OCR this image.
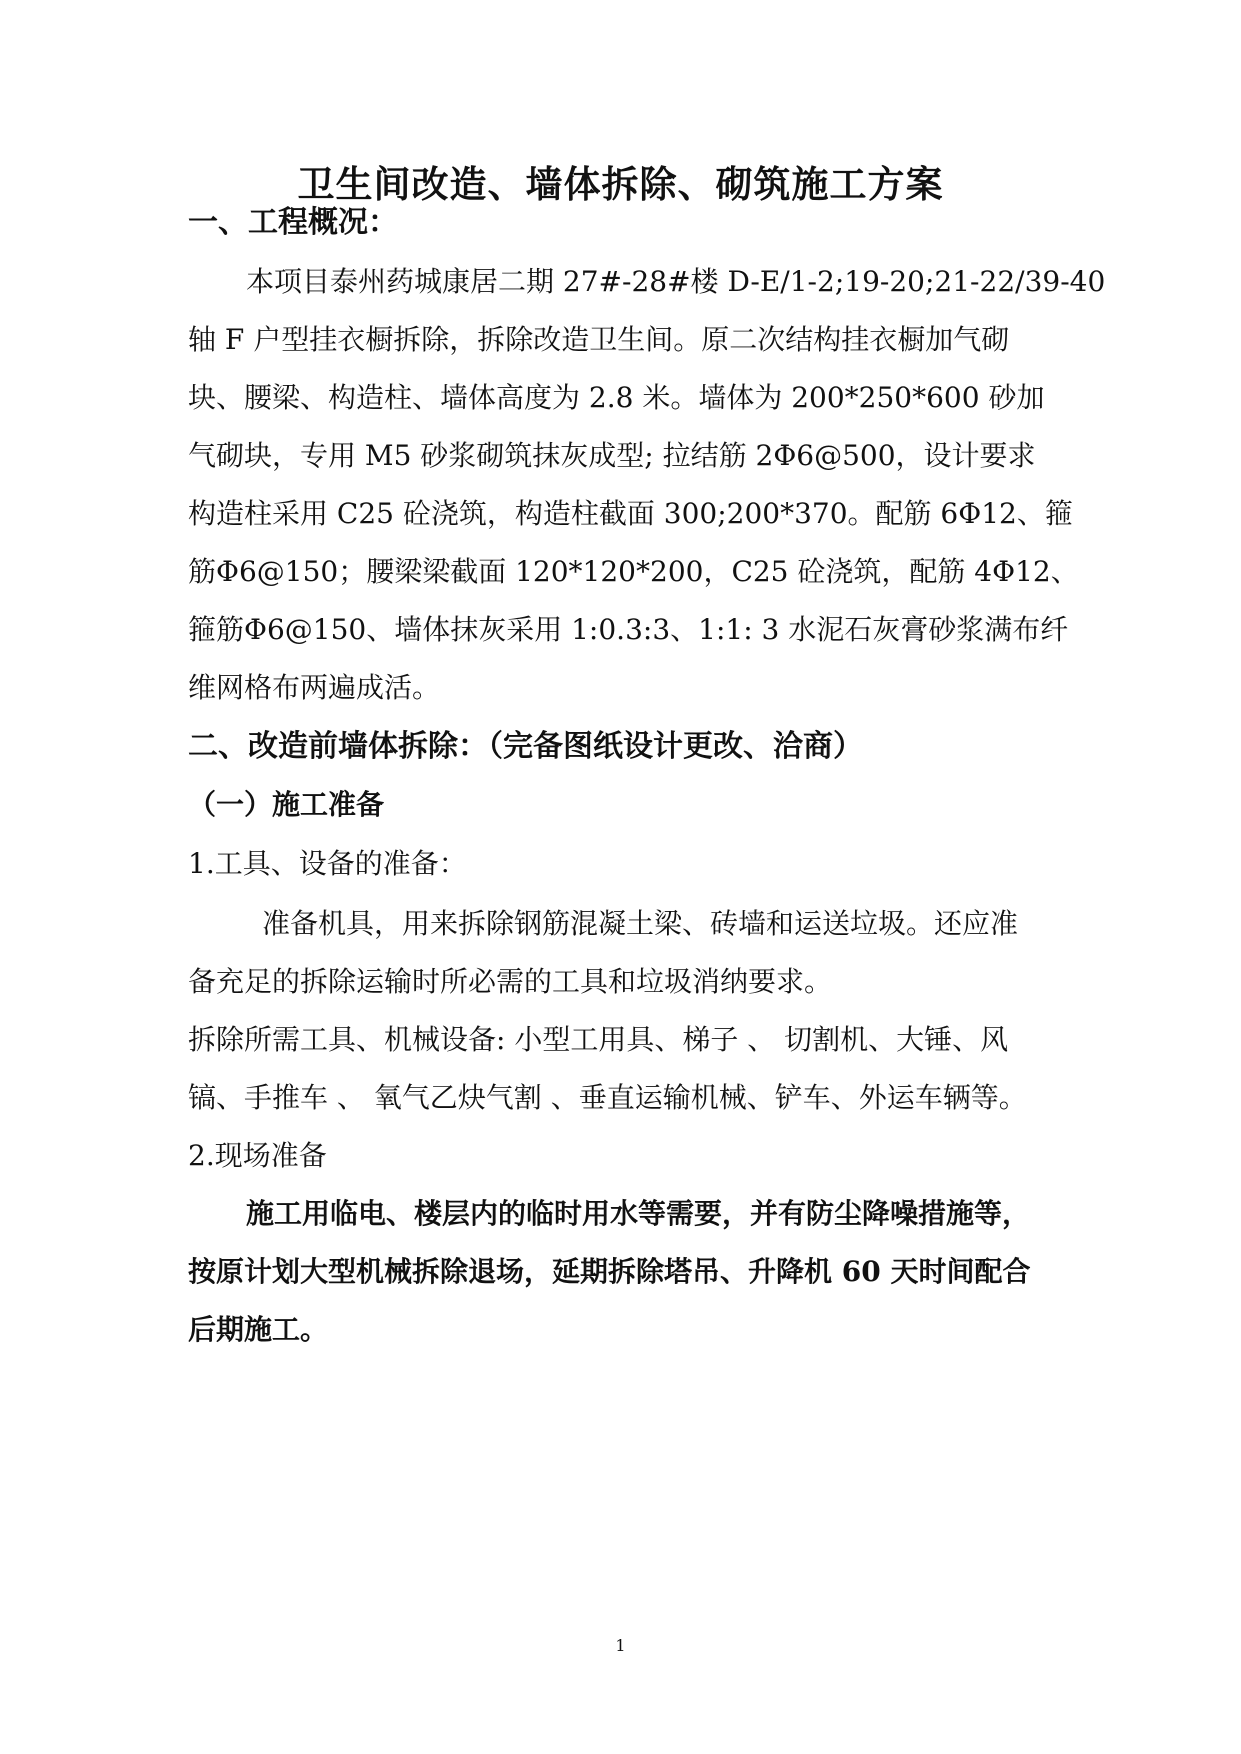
卫生间改造、墙体拆除、砌筑施工方案
一、工程概况：
本项目泰州药城康居二期 27#-28#楼 D-E/1-2;19-20;21-22/39-40
轴 F 户型挂衣橱拆除，拆除改造卫生间。原二次结构挂衣橱加气砌
块、腰梁、构造柱、墙体高度为 2.8 米。墙体为 200*250*600 砂加
气砌块，专用 M5 砂浆砌筑抹灰成型; 拉结筋 2Φ6@500，设计要求
构造柱采用 C25 砼浇筑，构造柱截面 300;200*370。配筋 6Φ12、箍
筋Φ6@150；腰梁梁截面 120*120*200，C25 砼浇筑，配筋 4Φ12、
箍筋Φ6@150、墙体抹灰采用 1:0.3:3、1:1: 3 水泥石灰膏砂浆满布纤
维网格布两遍成活。
二、改造前墙体拆除：（完备图纸设计更改、洽商）
（一）施工准备
1.工具、设备的准备：
准备机具，用来拆除钢筋混凝土梁、砖墙和运送垃圾。还应准
备充足的拆除运输时所必需的工具和垃圾消纳要求。
拆除所需工具、机械设备: 小型工用具、梯子 、 切割机、大锤、风
镐、手推车 、 氧气乙炔气割 、垂直运输机械、铲车、外运车辆等。
2.现场准备
施工用临电、楼层内的临时用水等需要，并有防尘降噪措施等，
按原计划大型机械拆除退场，延期拆除塔吊、升降机 60 天时间配合
后期施工。
1
